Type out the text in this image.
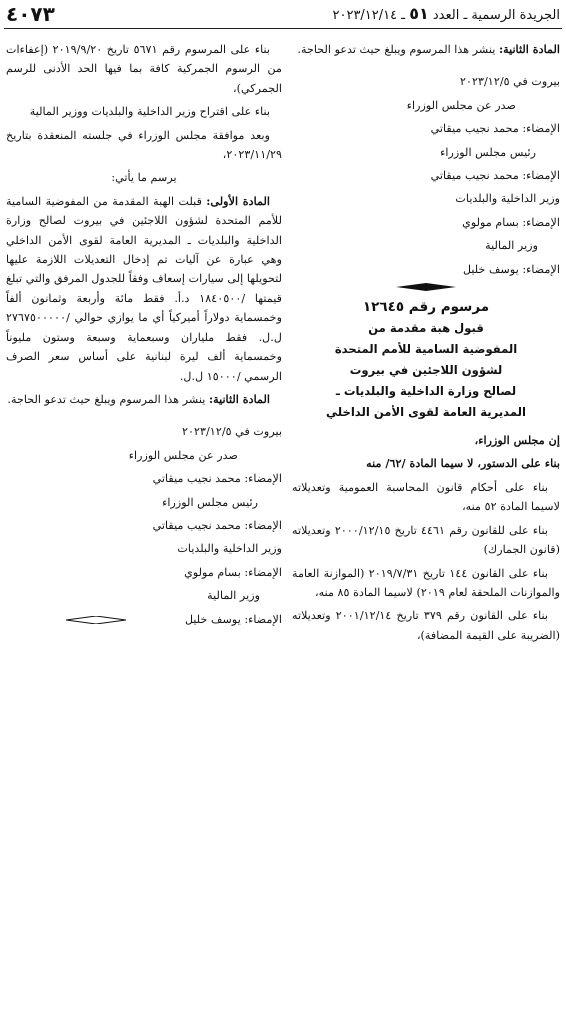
الجريدة الرسمية ـ العدد ٥١ ـ ٢٠٢٣/١٢/١٤
٤٠٧٣

المادة الثانية: ينشر هذا المرسوم ويبلغ حيث تدعو الحاجة.

بيروت في ٢٠٢٣/١٢/٥

صدر عن مجلس الوزراء

الإمضاء: محمد نجيب ميقاتي

رئيس مجلس الوزراء

الإمضاء: محمد نجيب ميقاتي

وزير الداخلية والبلديات

الإمضاء: بسام مولوي

وزير المالية

الإمضاء: يوسف خليل

مرسوم رقم ١٢٦٤٥
قبول هبة مقدمة من
المفوضية السامية للأمم المتحدة
لشؤون اللاجئين في بيروت
لصالح وزارة الداخلية والبلديات ـ
المديرية العامة لقوى الأمن الداخلي

إن مجلس الوزراء،

بناء على الدستور، لا سيما المادة /٦٢/ منه

بناء على أحكام قانون المحاسبة العمومية وتعديلاته لاسيما المادة ٥٢ منه،

بناء على للقانون رقم ٤٤٦١ تاريخ ٢٠٠٠/١٢/١٥ وتعديلاته (قانون الجمارك)

بناء على القانون ١٤٤ تاريخ ٢٠١٩/٧/٣١ (الموازنة العامة والموازنات الملحقة لعام ٢٠١٩) لاسيما المادة ٨٥ منه،

بناء على القانون رقم ٣٧٩ تاريخ ٢٠٠١/١٢/١٤ وتعديلاته (الضريبة على القيمة المضافة)،

بناء على المرسوم رقم ٥٦٧١ تاريخ ٢٠١٩/٩/٢٠ (إعفاءات من الرسوم الجمركية كافة بما فيها الحد الأدنى للرسم الجمركي)،

بناء على اقتراح وزير الداخلية والبلديات ووزير المالية

وبعد موافقة مجلس الوزراء في جلسته المنعقدة بتاريخ ٢٠٢٣/١١/٢٩،

يرسم ما يأتي:

المادة الأولى: قبلت الهبة المقدمة من المفوضية السامية للأمم المتحدة لشؤون اللاجئين في بيروت لصالح وزارة الداخلية والبلديات ـ المديرية العامة لقوى الأمن الداخلي وهي عبارة عن آليات تم إدخال التعديلات اللازمة عليها لتحويلها إلى سيارات إسعاف وفقاً للجدول المرفق والتي تبلغ قيمتها /١٨٤٠٥٠٠ د.أ. فقط مائة وأربعة وثمانون ألفاً وخمسماية دولاراً أميركياً أي ما يوازي حوالي /٢٧٦٧٥٠٠٠٠٠ ل.ل. فقط ملياران وسبعماية وسبعة وستون مليوناً وخمسماية ألف ليرة لبنانية على أساس سعر الصرف الرسمي /١٥٠٠٠ ل.ل.

المادة الثانية: ينشر هذا المرسوم ويبلغ حيث تدعو الحاجة.

بيروت في ٢٠٢٣/١٢/٥

صدر عن مجلس الوزراء

الإمضاء: محمد نجيب ميقاتي

رئيس مجلس الوزراء

الإمضاء: محمد نجيب ميقاتي

وزير الداخلية والبلديات

الإمضاء: بسام مولوي

وزير المالية

الإمضاء: يوسف خليل
